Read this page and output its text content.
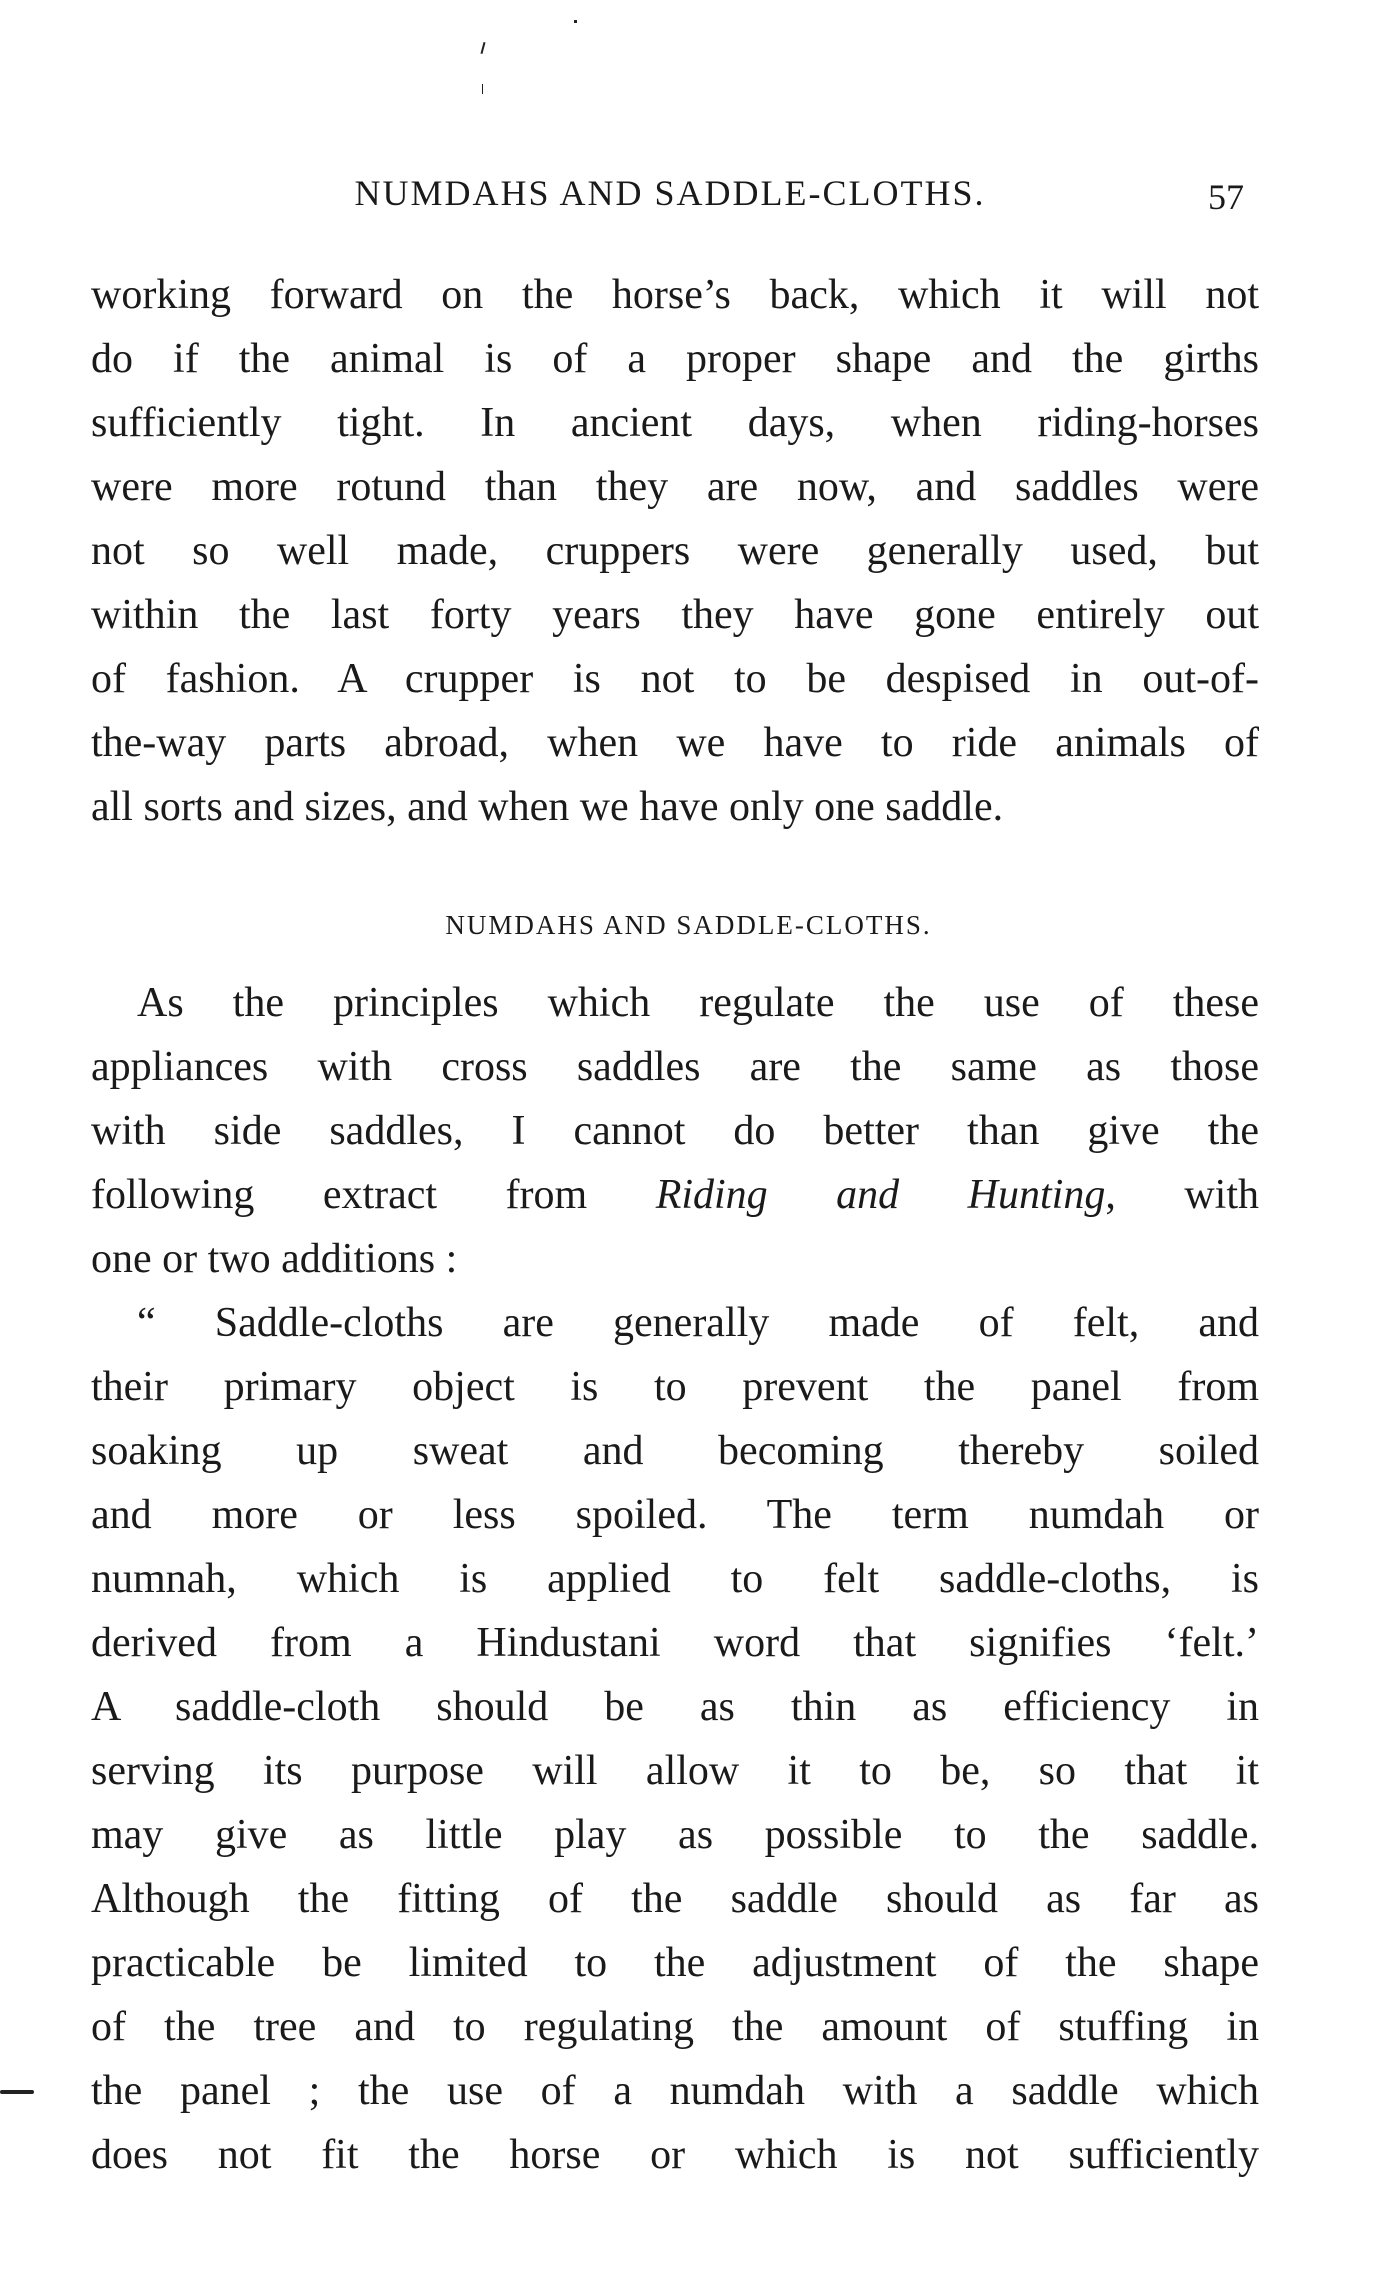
NUMDAHS AND SADDLE-CLOTHS.	57
working forward on the horse’s back, which it will not
do if the animal is of a proper shape and the girths
sufficiently tight. In ancient days, when riding-horses
were more rotund than they are now, and saddles were
not so well made, cruppers were generally used, but
within the last forty years they have gone entirely out
of fashion. A crupper is not to be despised in out-of-
the-way parts abroad, when we have to ride animals of
all sorts and sizes, and when we have only one saddle.
NUMDAHS AND SADDLE-CLOTHS.
As the principles which regulate the use of these
appliances with cross saddles are the same as those
with side saddles, I cannot do better than give the
following extract from Riding and Hunting, with
one or two additions :
“ Saddle-cloths are generally made of felt, and
their primary object is to prevent the panel from
soaking up sweat and becoming thereby soiled
and more or less spoiled. The term numdah or
numnah, which is applied to felt saddle-cloths, is
derived from a Hindustani word that signifies ‘felt.’
A saddle-cloth should be as thin as efficiency in
serving its purpose will allow it to be, so that it
may give as little play as possible to the saddle.
Although the fitting of the saddle should as far as
practicable be limited to the adjustment of the shape
of the tree and to regulating the amount of stuffing in
the panel ; the use of a numdah with a saddle which
does not fit the horse or which is not sufficiently
